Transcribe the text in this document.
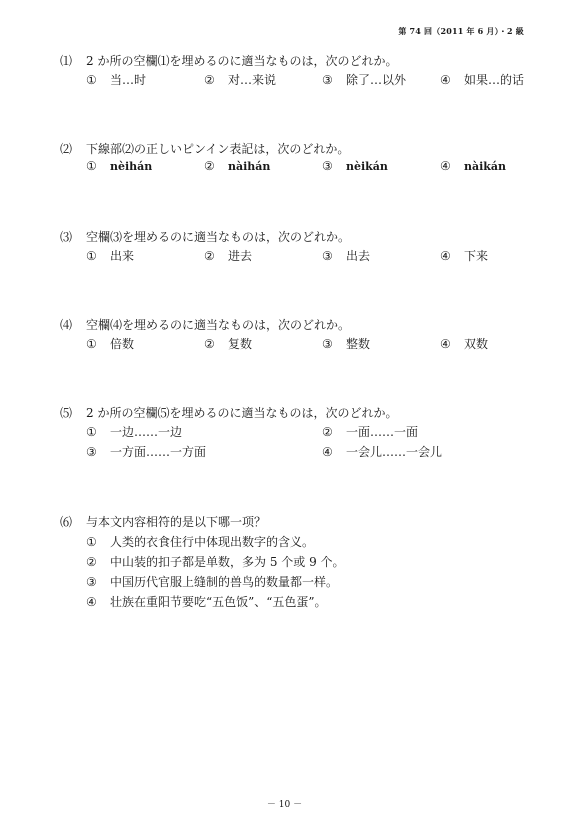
第 74 回（2011 年 6 月）・2 級
⑴ 2 か所の空欄⑴を埋めるのに適当なものは，次のどれか。
① 当…时	② 对…来说	③ 除了…以外	④ 如果…的话
⑵ 下線部⑵の正しいピンイン表記は，次のどれか。
① nèihán	② nàihán	③ nèikán	④ nàikán
⑶ 空欄⑶を埋めるのに適当なものは，次のどれか。
① 出来	② 进去	③ 出去	④ 下来
⑷ 空欄⑷を埋めるのに適当なものは，次のどれか。
① 倍数	② 复数	③ 整数	④ 双数
⑸ 2 か所の空欄⑸を埋めるのに適当なものは，次のどれか。
① 一边……一边	② 一面……一面
③ 一方面……一方面	④ 一会儿……一会儿
⑹ 与本文内容相符的是以下哪一项？
① 人类的衣食住行中体现出数字的含义。
② 中山装的扣子都是单数，多为 5 个或 9 个。
③ 中国历代官服上缝制的兽鸟的数量都一样。
④ 壮族在重阳节要吃“五色饭”、“五色蛋”。
－ 10 －
